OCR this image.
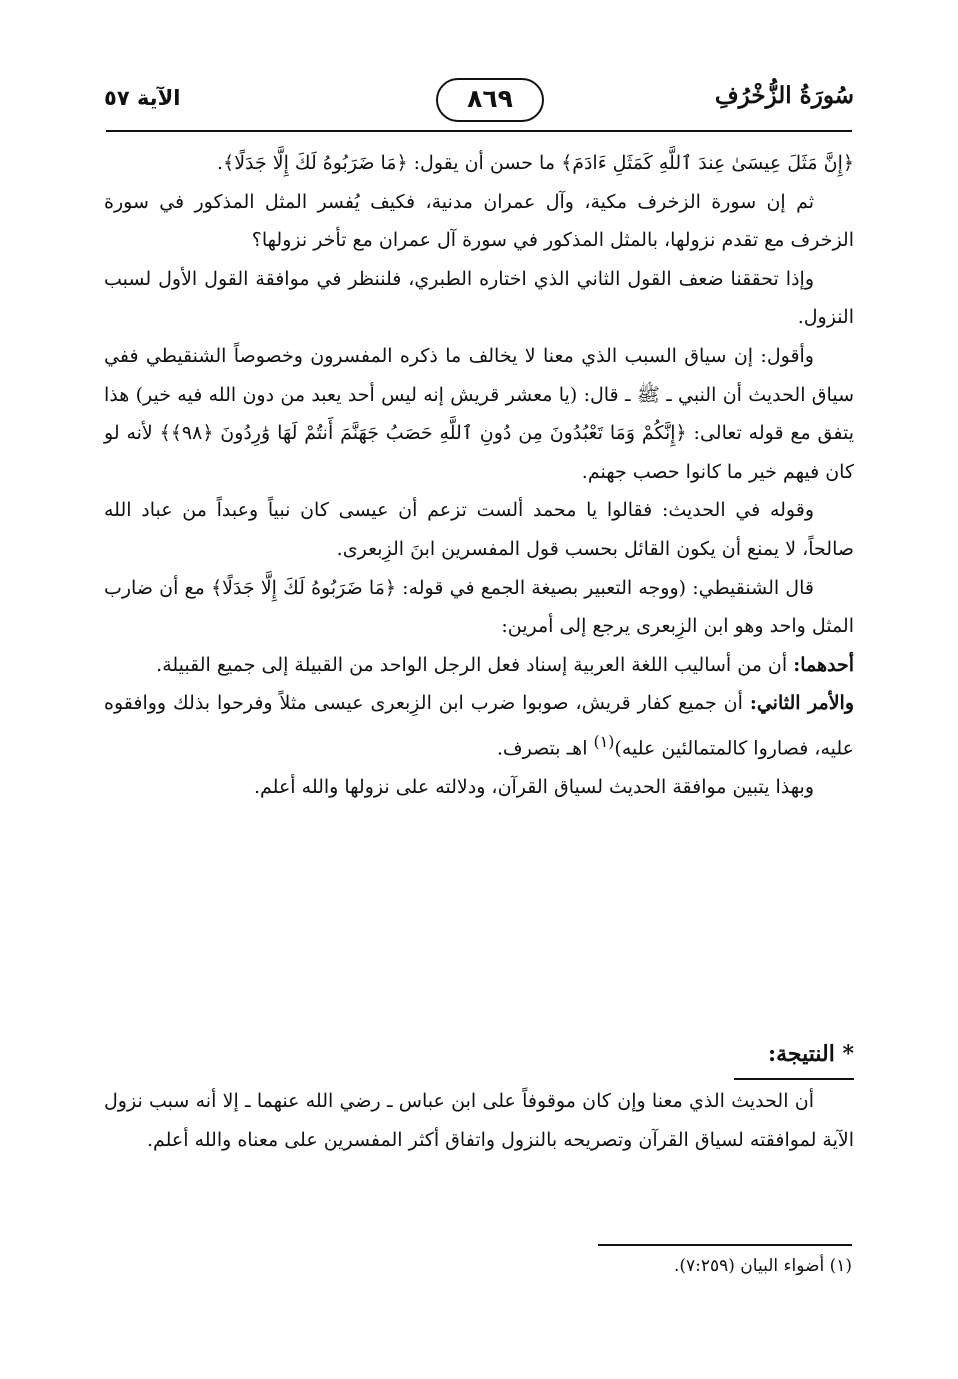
الآية ٥٧	٨٦٩	سُورَةُ الزُّخْرُفِ

﴿إِنَّ مَثَلَ عِيسَىٰ عِندَ ٱللَّهِ كَمَثَلِ ءَادَمَ﴾ ما حسن أن يقول: ﴿مَا ضَرَبُوهُ لَكَ إِلَّا جَدَلًا﴾.

ثم إن سورة الزخرف مكية، وآل عمران مدنية، فكيف يُفسر المثل المذكور في سورة الزخرف مع تقدم نزولها، بالمثل المذكور في سورة آل عمران مع تأخر نزولها؟

وإذا تحققنا ضعف القول الثاني الذي اختاره الطبري، فلننظر في موافقة القول الأول لسبب النزول.

وأقول: إن سياق السبب الذي معنا لا يخالف ما ذكره المفسرون وخصوصاً الشنقيطي ففي سياق الحديث أن النبي ـ ﷺ ـ قال: (يا معشر قريش إنه ليس أحد يعبد من دون الله فيه خير) هذا يتفق مع قوله تعالى: ﴿إِنَّكُمْ وَمَا تَعْبُدُونَ مِن دُونِ ٱللَّهِ حَصَبُ جَهَنَّمَ أَنتُمْ لَهَا وَٰرِدُونَ ﴿٩٨﴾﴾ لأنه لو كان فيهم خير ما كانوا حصب جهنم.

وقوله في الحديث: فقالوا يا محمد ألست تزعم أن عيسى كان نبياً وعبداً من عباد الله صالحاً، لا يمنع أن يكون القائل بحسب قول المفسرين ابنَ الزِبعرى.

قال الشنقيطي: (ووجه التعبير بصيغة الجمع في قوله: ﴿مَا ضَرَبُوهُ لَكَ إِلَّا جَدَلًا﴾ مع أن ضارب المثل واحد وهو ابن الزِبعرى يرجع إلى أمرين:

أحدهما: أن من أساليب اللغة العربية إسناد فعل الرجل الواحد من القبيلة إلى جميع القبيلة.

والأمر الثاني: أن جميع كفار قريش، صوبوا ضرب ابن الزِبعرى عيسى مثلاً وفرحوا بذلك ووافقوه عليه، فصاروا كالمتمالئين عليه)$^{(١)}$ اهـ بتصرف.

وبهذا يتبين موافقة الحديث لسياق القرآن، ودلالته على نزولها والله أعلم.

* النتيجة:

أن الحديث الذي معنا وإن كان موقوفاً على ابن عباس ـ رضي الله عنهما ـ إلا أنه سبب نزول الآية لموافقته لسياق القرآن وتصريحه بالنزول واتفاق أكثر المفسرين على معناه والله أعلم.

(١) أضواء البيان (٧:٢٥٩).
